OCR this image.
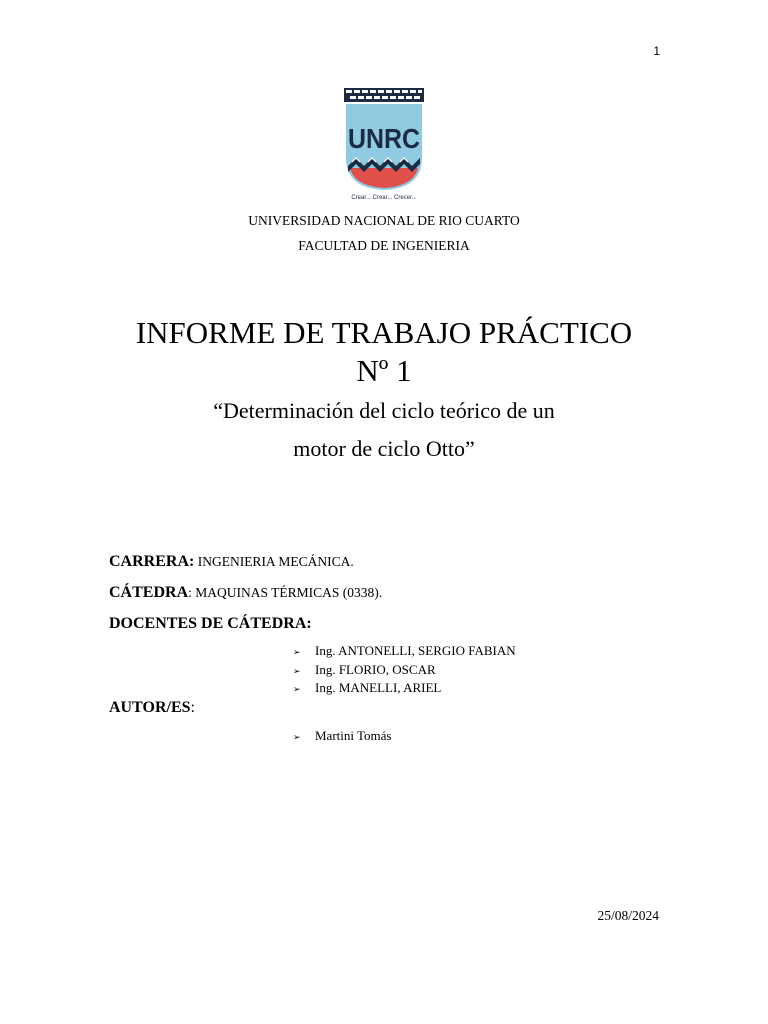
1
UNRC
Crear... Crear... Crecer...
UNIVERSIDAD NACIONAL DE RIO CUARTO
FACULTAD DE INGENIERIA
INFORME DE TRABAJO PRÁCTICO
Nº 1
“Determinación del ciclo teórico de un
motor de ciclo Otto”
CARRERA: INGENIERIA MECÁNICA.
CÁTEDRA: MAQUINAS TÉRMICAS (0338).
DOCENTES DE CÁTEDRA:
➢ Ing. ANTONELLI, SERGIO FABIAN
➢ Ing. FLORIO, OSCAR
➢ Ing. MANELLI, ARIEL
AUTOR/ES:
➢ Martini Tomás
25/08/2024
